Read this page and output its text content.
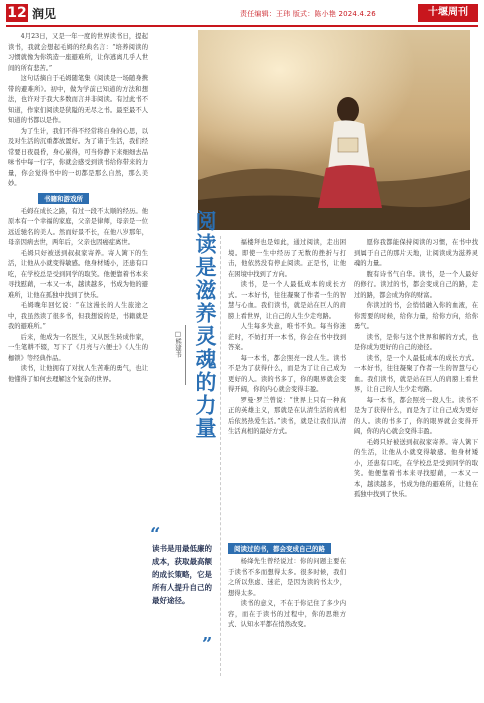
12 润见	责任编辑：王玮 版式：陈小艳 2024.4.26	十堰周刊

4月23日，又是一年一度的世界读书日，提起读书，我就会想起毛姆的经典名言：“培养阅读的习惯就像为你筑造一座避难所，让你逃离几乎人世间的所有悲苦。”

这句话摘自于毛姆随笔集《阅读是一场随身携带的避难所》。初中，做为学前已知道的方法和想法，也许对于我大多数而言并非阅读。有过此书不知道，作家们阅读是狭隘的无尽之书。最至最不人知道的书都以是作。

为了生计，我们不得不经常将自身的心思，以及对生活的沉重都放置好。为了诸于生活，我们经常要日夜晨昏，身心累得，可当你静下来细细去品味书中每一行字，你就会感受到读书给你带来的力量，你会觉得书中的一切都是那么自然，那么美妙。

书籍和游戏所

毛姆在成长之路，有过一段不太顺的经历。他原本有一个幸福的家庭，父亲是律师，母亲是一位远近驰名的美人。然而好景不长，在他八岁那年，母亲因病去世，两年后，父亲也因癌症离世。

毛姆只好被送到叔叔家寄养。寄人篱下的生活，让他从小就变得敏感。他身材矮小，还患有口吃，在学校总是受到同学的取笑。他便靠着书本来寻找慰藉，一本又一本，越读越多，书成为他的避难所，让他在孤独中找到了快乐。

毛姆晚年回忆说：“在这漫长的人生旅途之中，我虽然读了很多书，但我想说的是，书籍就是我的避难所。”

后来，他成为一名医生，又从医生转成作家，一生笔耕不辍，写下了《月亮与六便士》《人生的枷锁》等经典作品。

读书，让他拥有了对抗人生苦难的勇气，也让他懂得了如何去理解这个复杂的世界。	阅读是滋养灵魂的力量
□熊建书

福楼拜也是如此，通过阅读，走出困境。即使一生中经历了无数的挫折与打击，他依然没有停止阅读。正是书，让他在困境中找到了方向。

读书，是一个人最低成本的成长方式。一本好书，往往凝聚了作者一生的智慧与心血。我们读书，就是站在巨人的肩膀上看世界，让自己的人生少走弯路。

人生每多失意，唯书不负。每当你迷茫时，不妨打开一本书，你会在书中找到答案。

每一本书，都会照亮一段人生。读书不是为了获得什么，而是为了让自己成为更好的人。读的书多了，你的眼界就会变得开阔，你的内心就会变得丰盈。

罗曼·罗兰曾说：“世界上只有一种真正的英雄主义，那就是在认清生活的真相后依然热爱生活。”读书，就是让我们认清生活真相的最好方式。

阅读过的书，都会变成自己的路

杨绛先生曾经说过：你的问题主要在于读书不多而想得太多。很多时候，我们之所以焦虑、迷茫，是因为读的书太少，想得太多。

读书的意义，不在于你记住了多少内容，而在于读书的过程中，你的思维方式、认知水平都在悄然改变。

愿你我都能保持阅读的习惯，在书中找到属于自己的那片天地，让阅读成为滋养灵魂的力量。

腹有诗书气自华。读书，是一个人最好的修行。读过的书，都会变成自己的路，走过的路，都会成为你的财富。

你读过的书，会悄悄融入你的血液，在你需要的时候，给你力量，给你方向，给你勇气。

读书，是你与这个世界和解的方式，也是你成为更好的自己的途径。

读书，是一个人最低成本的成长方式。一本好书，往往凝聚了作者一生的智慧与心血。我们读书，就是站在巨人的肩膀上看世界，让自己的人生少走弯路。

每一本书，都会照亮一段人生。读书不是为了获得什么，而是为了让自己成为更好的人。读的书多了，你的眼界就会变得开阔，你的内心就会变得丰盈。

毛姆只好被送到叔叔家寄养。寄人篱下的生活，让他从小就变得敏感。他身材矮小，还患有口吃，在学校总是受到同学的取笑。他便靠着书本来寻找慰藉，一本又一本，越读越多，书成为他的避难所，让他在孤独中找到了快乐。

“
读书是用最低廉的成本，获取最高额的成长策略，它是所有人提升自己的最好途径。
”
